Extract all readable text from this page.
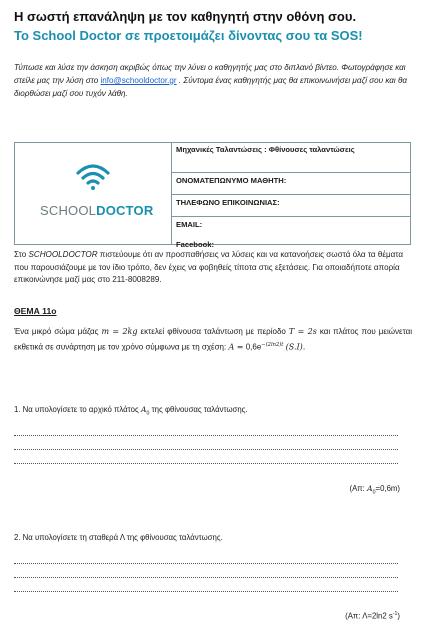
Η σωστή επανάληψη με τον καθηγητή στην οθόνη σου.
Το School Doctor σε προετοιμάζει δίνοντας σου τα SOS!
Τύπωσε και λύσε την άσκηση ακριβώς όπως την λύνει ο καθηγητής μας στο διπλανό βίντεο. Φωτογράφησε και στείλε μας την λύση στο info@schooldoctor.gr . Σύντομα ένας καθηγητής μας θα επικοινωνήσει μαζί σου και θα διορθώσει μαζί σου τυχόν λάθη.
SCHOOLDOCTOR
Μηχανικές Ταλαντώσεις : Φθίνουσες ταλαντώσεις
ΟΝΟΜΑΤΕΠΩΝΥΜΟ ΜΑΘΗΤΗ:
ΤΗΛΕΦΩΝΟ ΕΠΙΚΟΙΝΩΝΙΑΣ:
EMAIL:
Facebook:
Στο SCHOOLDOCTOR πιστεύουμε ότι αν προσπαθήσεις να λύσεις και να κατανοήσεις σωστά όλα τα θέματα που παρουσιάζουμε με τον ίδιο τρόπο, δεν έχεις να φοβηθείς τίποτα στις εξετάσεις. Για οποιαδήποτε απορία επικοινώνησε μαζί μας στο 211-8008289.
ΘΕΜΑ 11ο
Ένα μικρό σώμα μάζας m = 2kg εκτελεί φθίνουσα ταλάντωση με περίοδο T = 2s και πλάτος που μειώνεται εκθετικά σε συνάρτηση με τον χρόνο σύμφωνα με τη σχέση: $A = 0,6e^{-(2ln2)t}$ (S.I).
1. Να υπολογίσετε το αρχικό πλάτος $A_0$ της φθίνουσας ταλάντωσης.
(Απ: $A_0=0,6m$)
2. Να υπολογίσετε τη σταθερά Λ της φθίνουσας ταλάντωσης.
(Απ: Λ=2ln2 $s^{-1}$)
